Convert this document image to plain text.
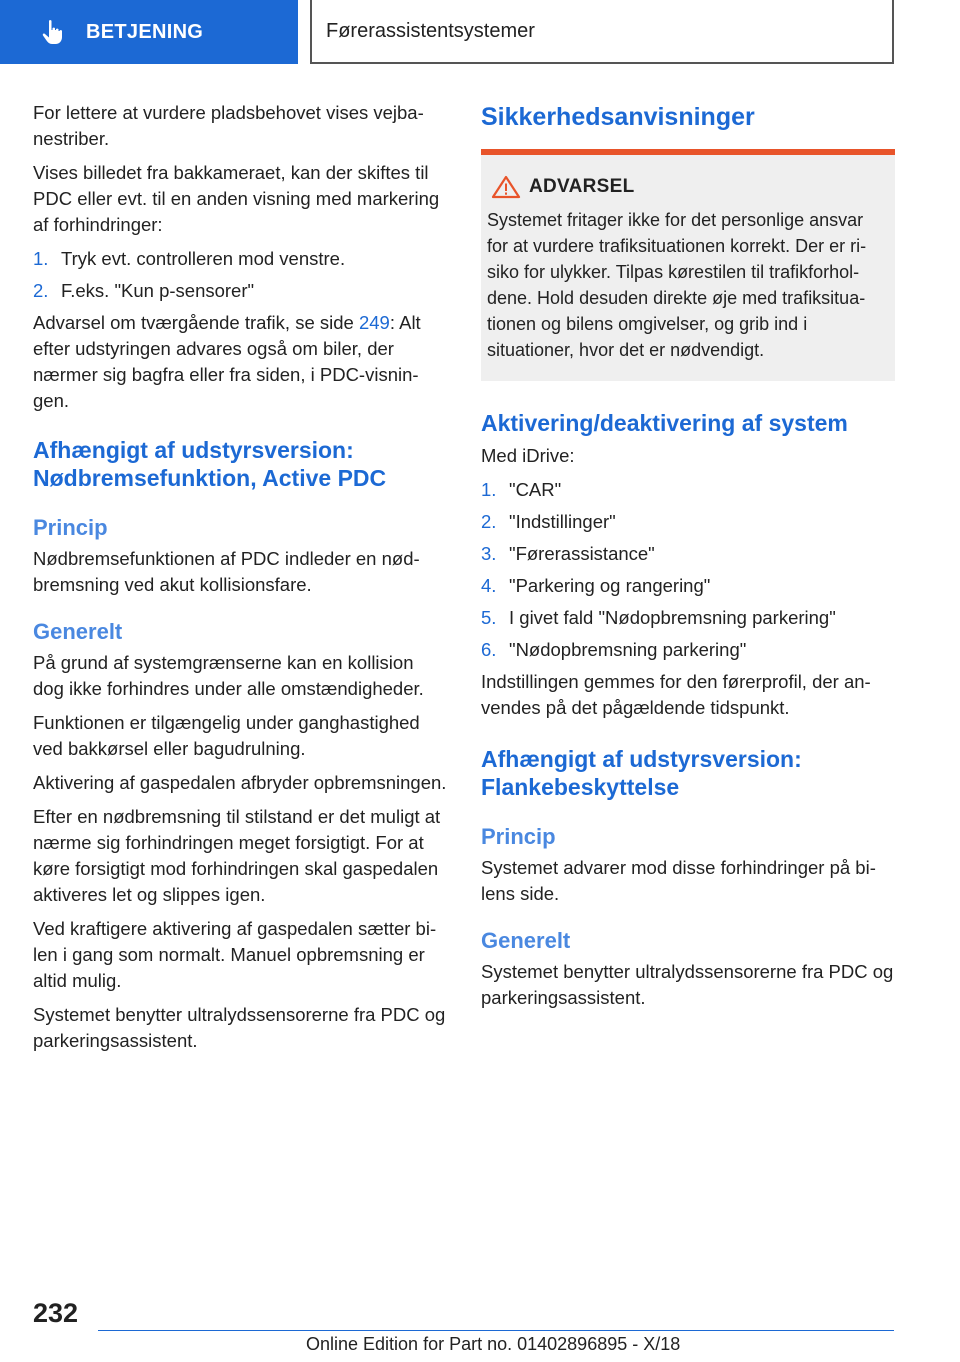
BETJENING	Førerassistentsystemer

For lettere at vurdere pladsbehovet vises vejbanestriber.

Vises billedet fra bakkameraet, kan der skiftes til PDC eller evt. til en anden visning med markering af forhindringer:

1. Tryk evt. controlleren mod venstre.
2. F.eks. "Kun p-sensorer"

Advarsel om tværgående trafik, se side 249: Alt efter udstyringen advares også om biler, der nærmer sig bagfra eller fra siden, i PDC-visningen.

Afhængigt af udstyrsversion: Nødbremsefunktion, Active PDC
Princip

Nødbremsefunktionen af PDC indleder en nødbremsning ved akut kollisionsfare.

Generelt

På grund af systemgrænserne kan en kollision dog ikke forhindres under alle omstændigheder.

Funktionen er tilgængelig under ganghastighed ved bakkørsel eller bagudrulning.

Aktivering af gaspedalen afbryder opbremsningen.

Efter en nødbremsning til stilstand er det muligt at nærme sig forhindringen meget forsigtigt. For at køre forsigtigt mod forhindringen skal gaspedalen aktiveres let og slippes igen.

Ved kraftigere aktivering af gaspedalen sætter bilen i gang som normalt. Manuel opbremsning er altid mulig.

Systemet benytter ultralydssensorerne fra PDC og parkeringsassistent.

Sikkerhedsanvisninger
ADVARSEL

Systemet fritager ikke for det personlige ansvar for at vurdere trafiksituationen korrekt. Der er risiko for ulykker. Tilpas kørestilen til trafikforholdene. Hold desuden direkte øje med trafiksituationen og bilens omgivelser, og grib ind i situationer, hvor det er nødvendigt.

Aktivering/deaktivering af system

Med iDrive:

1. "CAR"
2. "Indstillinger"
3. "Førerassistance"
4. "Parkering og rangering"
5. I givet fald "Nødopbremsning parkering"
6. "Nødopbremsning parkering"

Indstillingen gemmes for den førerprofil, der anvendes på det pågældende tidspunkt.

Afhængigt af udstyrsversion: Flankebeskyttelse
Princip

Systemet advarer mod disse forhindringer på bilens side.

Generelt

Systemet benytter ultralydssensorerne fra PDC og parkeringsassistent.

232
Online Edition for Part no. 01402896895 - X/18
